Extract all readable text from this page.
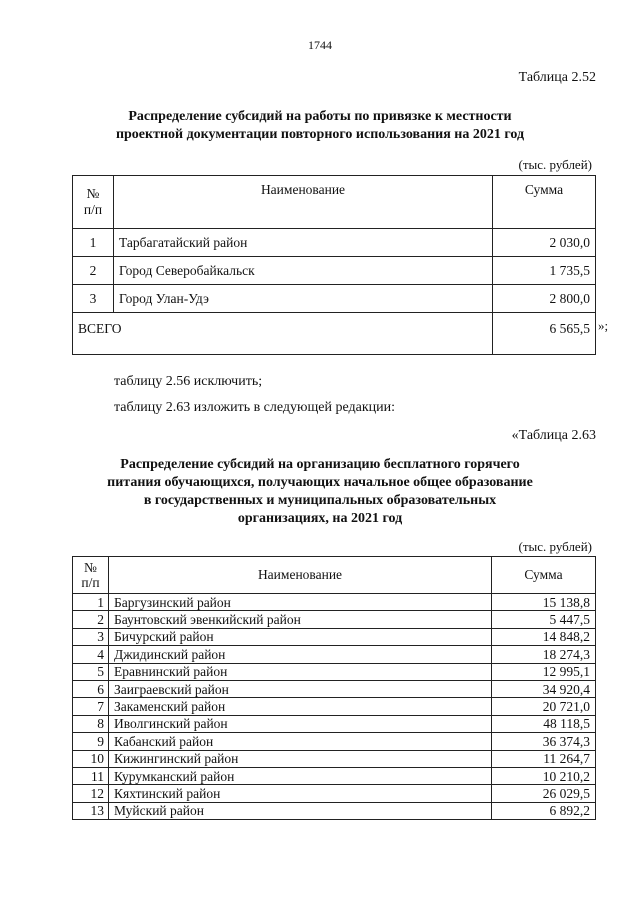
1744
Таблица 2.52
Распределение субсидий на работы по привязке к местности
проектной документации повторного использования на 2021 год
(тыс. рублей)
№
п/п	Наименование	Сумма
1	Тарбагатайский район	2 030,0
2	Город Северобайкальск	1 735,5
3	Город Улан-Удэ	2 800,0
ВСЕГО		6 565,5 »;
таблицу 2.56 исключить;
таблицу 2.63 изложить в следующей редакции:
«Таблица 2.63
Распределение субсидий на организацию бесплатного горячего
питания обучающихся, получающих начальное общее образование
в государственных и муниципальных образовательных
организациях, на 2021 год
(тыс. рублей)
№
п/п	Наименование	Сумма
1	Баргузинский район	15 138,8
2	Баунтовский эвенкийский район	5 447,5
3	Бичурский район	14 848,2
4	Джидинский район	18 274,3
5	Еравнинский район	12 995,1
6	Заиграевский район	34 920,4
7	Закаменский район	20 721,0
8	Иволгинский район	48 118,5
9	Кабанский район	36 374,3
10	Кижингинский район	11 264,7
11	Курумканский район	10 210,2
12	Кяхтинский район	26 029,5
13	Муйский район	6 892,2
